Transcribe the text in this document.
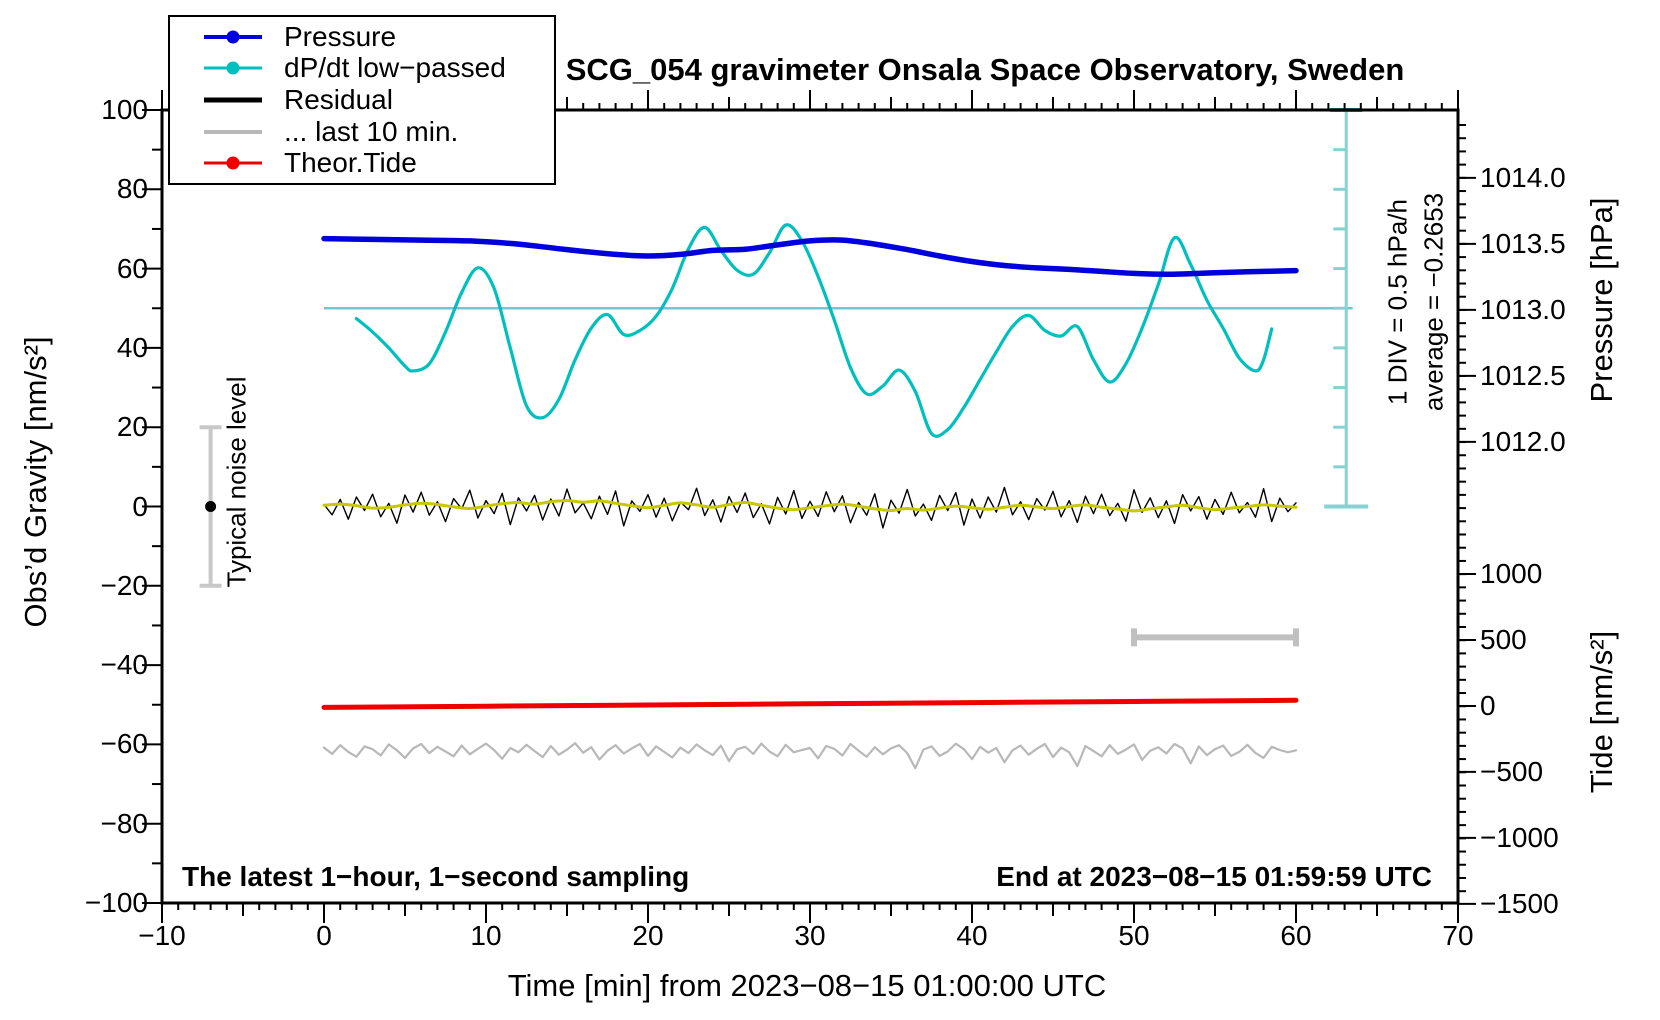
SCG_054 gravimeter Onsala Space Observatory, Sweden
Pressure
dP/dt low−passed
Residual
... last 10 min.
Theor.Tide
Obs’d Gravity [nm/s²]
Pressure [hPa]
Tide [nm/s²]
Time [min] from 2023−08−15 01:00:00 UTC
The latest 1−hour, 1−second sampling	End at 2023−08−15 01:59:59 UTC
Typical noise level
1 DIV = 0.5 hPa/h average = −0.2653
−10	0	10	20	30	40	50	60	70
100
80
60
40
20
0
−20
−40
−60
−80
−100
1014.0
1013.5
1013.0
1012.5
1012.0
1000
500
0
−500
−1000
−1500
